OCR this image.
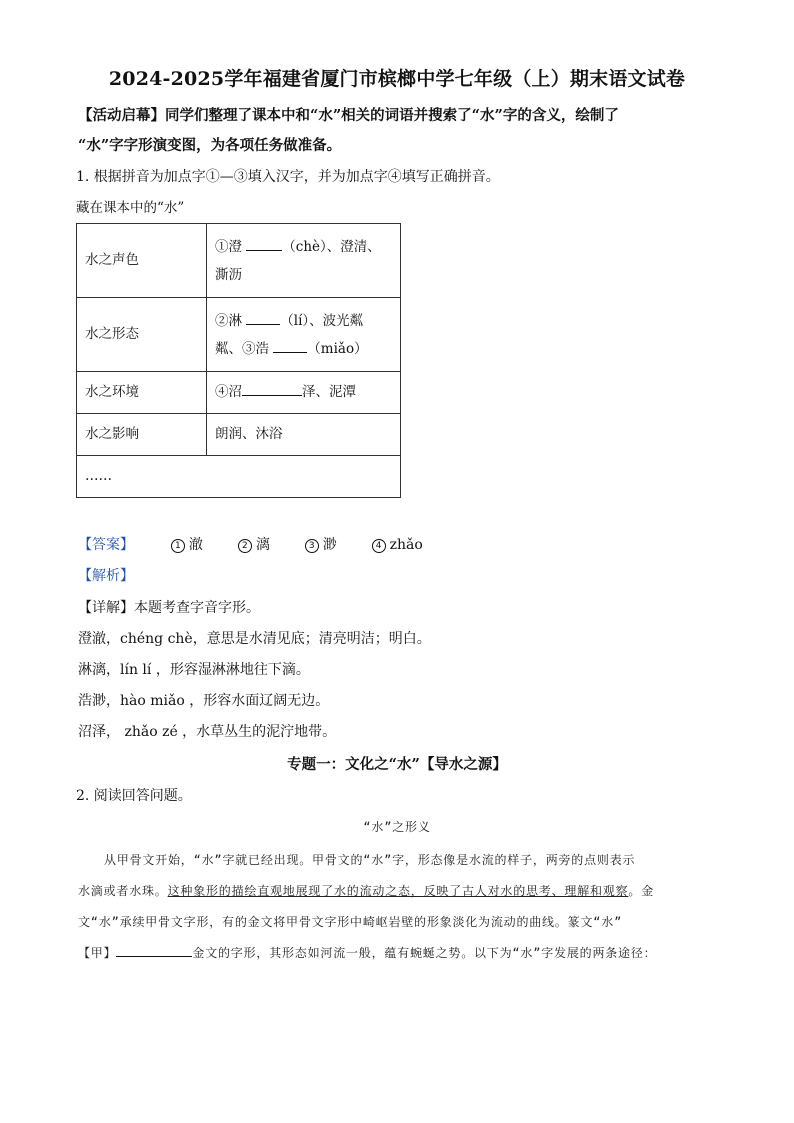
2024-2025学年福建省厦门市槟榔中学七年级（上）期末语文试卷
【活动启幕】同学们整理了课本中和“水”相关的词语并搜索了“水”字的含义，绘制了
“水”字字形演变图，为各项任务做准备。
1. 根据拼音为加点字①—③填入汉字，并为加点字④填写正确拼音。
藏在课本中的“水”
水之声色	①澄 （chè）、澄清、
澌沥

水之形态	②淋 （lí）、波光粼
粼、③浩 （miǎo）

水之环境	④沼 泽、泥潭
水之影响	朗润、沐浴
……	
【答案】	1 澈	2 漓	3 渺	4 zhǎo
【解析】
【详解】本题考查字音字形。
澄澈，chéng chè，意思是水清见底；清亮明洁；明白。
淋漓，lín lí ，形容湿淋淋地往下滴。
浩渺，hào miǎo ，形容水面辽阔无边。
沼泽， zhǎo zé ，水草丛生的泥泞地带。
专题一：文化之“水”【导水之源】
2. 阅读回答问题。
“水”之形义
从甲骨文开始，“水”字就已经出现。甲骨文的“水”字，形态像是水流的样子，两旁的点则表示
水滴或者水珠。这种象形的描绘直观地展现了水的流动之态，反映了古人对水的思考、理解和观察。金
文“水”承续甲骨文字形，有的金文将甲骨文字形中崎岖岩壁的形象淡化为流动的曲线。篆文“水”
【甲】	金文的字形，其形态如河流一般，蕴有蜿蜒之势。以下为“水”字发展的两条途径：
